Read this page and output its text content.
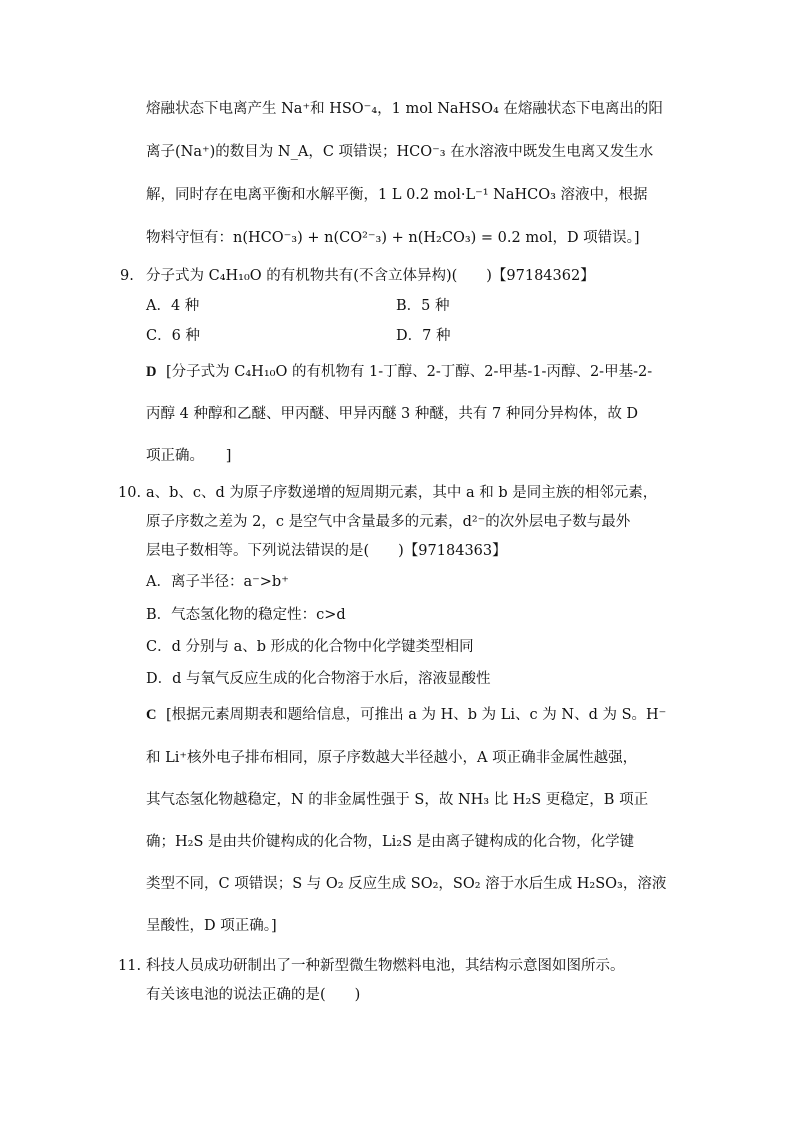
熔融状态下电离产生 Na⁺和 HSO⁻₄，1 mol NaHSO₄ 在熔融状态下电离出的阳
离子(Na⁺)的数目为 N_A，C 项错误；HCO⁻₃ 在水溶液中既发生电离又发生水
解，同时存在电离平衡和水解平衡，1 L 0.2 mol·L⁻¹ NaHCO₃ 溶液中，根据
物料守恒有：n(HCO⁻₃) + n(CO²⁻₃) + n(H₂CO₃) = 0.2 mol，D 项错误。]
9. 分子式为 C₄H₁₀O 的有机物共有(不含立体异构)(　　)【97184362】
A．4 种	B．5 种
C．6 种	D．7 种
D [分子式为 C₄H₁₀O 的有机物有 1-丁醇、2-丁醇、2-甲基-1-丙醇、2-甲基-2-
丙醇 4 种醇和乙醚、甲丙醚、甲异丙醚 3 种醚，共有 7 种同分异构体，故 D
项正确。　　]
10. a、b、c、d 为原子序数递增的短周期元素，其中 a 和 b 是同主族的相邻元素，
原子序数之差为 2，c 是空气中含量最多的元素，d²⁻的次外层电子数与最外
层电子数相等。下列说法错误的是(　　)【97184363】
A．离子半径：a⁻>b⁺
B．气态氢化物的稳定性：c>d
C．d 分别与 a、b 形成的化合物中化学键类型相同
D．d 与氧气反应生成的化合物溶于水后，溶液显酸性
C [根据元素周期表和题给信息，可推出 a 为 H、b 为 Li、c 为 N、d 为 S。H⁻
和 Li⁺核外电子排布相同，原子序数越大半径越小，A 项正确非金属性越强，
其气态氢化物越稳定，N 的非金属性强于 S，故 NH₃ 比 H₂S 更稳定，B 项正
确；H₂S 是由共价键构成的化合物，Li₂S 是由离子键构成的化合物，化学键
类型不同，C 项错误；S 与 O₂ 反应生成 SO₂，SO₂ 溶于水后生成 H₂SO₃，溶液
呈酸性，D 项正确。]
11. 科技人员成功研制出了一种新型微生物燃料电池，其结构示意图如图所示。
有关该电池的说法正确的是(　　)
